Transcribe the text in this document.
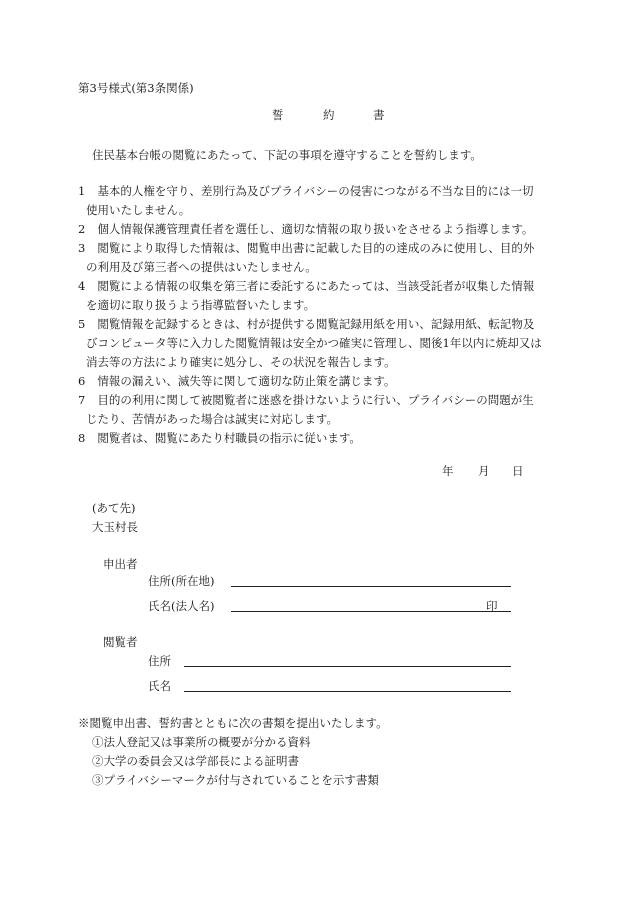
第3号様式(第3条関係)
誓	約	書
住民基本台帳の閲覧にあたって、下記の事項を遵守することを誓約します。
1 基本的人権を守り、差別行為及びプライバシーの侵害につながる不当な目的には一切
使用いたしません。
2 個人情報保護管理責任者を選任し、適切な情報の取り扱いをさせるよう指導します。
3 閲覧により取得した情報は、閲覧申出書に記載した目的の達成のみに使用し、目的外
の利用及び第三者への提供はいたしません。
4 閲覧による情報の収集を第三者に委託するにあたっては、当該受託者が収集した情報
を適切に取り扱うよう指導監督いたします。
5 閲覧情報を記録するときは、村が提供する閲覧記録用紙を用い、記録用紙、転記物及
びコンピュータ等に入力した閲覧情報は安全かつ確実に管理し、閲後1年以内に焼却又は
消去等の方法により確実に処分し、その状況を報告します。
6 情報の漏えい、滅失等に関して適切な防止策を講じます。
7 目的の利用に関して被閲覧者に迷惑を掛けないように行い、プライバシーの問題が生
じたり、苦情があった場合は誠実に対応します。
8 閲覧者は、閲覧にあたり村職員の指示に従います。
年 月 日
(あて先)
大玉村長
申出者
住所(所在地)
氏名(法人名)	印
閲覧者
住所
氏名
※閲覧申出書、誓約書とともに次の書類を提出いたします。
①法人登記又は事業所の概要が分かる資料
②大学の委員会又は学部長による証明書
③プライバシーマークが付与されていることを示す書類
